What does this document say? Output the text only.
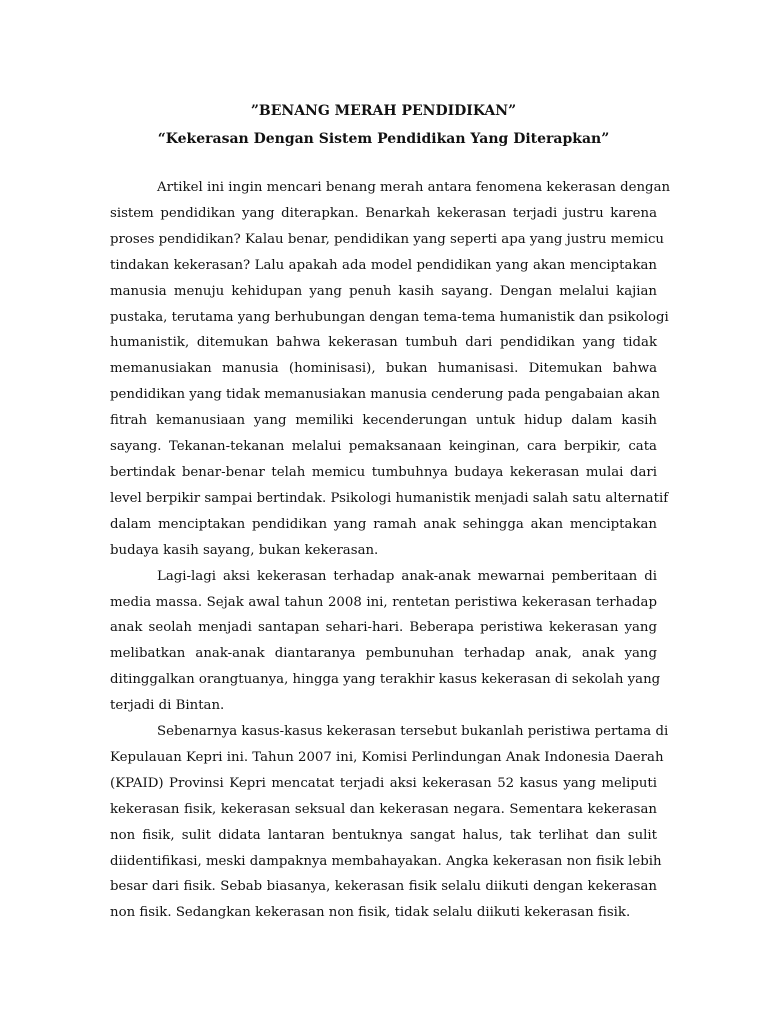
”BENANG MERAH PENDIDIKAN”
“Kekerasan Dengan Sistem Pendidikan Yang Diterapkan”

Artikel ini ingin mencari benang merah antara fenomena kekerasan dengan
sistem pendidikan yang diterapkan. Benarkah kekerasan terjadi justru karena
proses pendidikan? Kalau benar, pendidikan yang seperti apa yang justru memicu
tindakan kekerasan? Lalu apakah ada model pendidikan yang akan menciptakan
manusia menuju kehidupan yang penuh kasih sayang. Dengan melalui kajian
pustaka, terutama yang berhubungan dengan tema-tema humanistik dan psikologi
humanistik, ditemukan bahwa kekerasan tumbuh dari pendidikan yang tidak
memanusiakan manusia (hominisasi), bukan humanisasi. Ditemukan bahwa
pendidikan yang tidak memanusiakan manusia cenderung pada pengabaian akan
fitrah kemanusiaan yang memiliki kecenderungan untuk hidup dalam kasih
sayang. Tekanan-tekanan melalui pemaksanaan keinginan, cara berpikir, cata
bertindak benar-benar telah memicu tumbuhnya budaya kekerasan mulai dari
level berpikir sampai bertindak. Psikologi humanistik menjadi salah satu alternatif
dalam menciptakan pendidikan yang ramah anak sehingga akan menciptakan
budaya kasih sayang, bukan kekerasan.

Lagi-lagi aksi kekerasan terhadap anak-anak mewarnai pemberitaan di
media massa. Sejak awal tahun 2008 ini, rentetan peristiwa kekerasan terhadap
anak seolah menjadi santapan sehari-hari. Beberapa peristiwa kekerasan yang
melibatkan anak-anak diantaranya pembunuhan terhadap anak, anak yang
ditinggalkan orangtuanya, hingga yang terakhir kasus kekerasan di sekolah yang
terjadi di Bintan.

Sebenarnya kasus-kasus kekerasan tersebut bukanlah peristiwa pertama di
Kepulauan Kepri ini. Tahun 2007 ini, Komisi Perlindungan Anak Indonesia Daerah
(KPAID) Provinsi Kepri mencatat terjadi aksi kekerasan 52 kasus yang meliputi
kekerasan fisik, kekerasan seksual dan kekerasan negara. Sementara kekerasan
non fisik, sulit didata lantaran bentuknya sangat halus, tak terlihat dan sulit
diidentifikasi, meski dampaknya membahayakan. Angka kekerasan non fisik lebih
besar dari fisik. Sebab biasanya, kekerasan fisik selalu diikuti dengan kekerasan
non fisik. Sedangkan kekerasan non fisik, tidak selalu diikuti kekerasan fisik.
